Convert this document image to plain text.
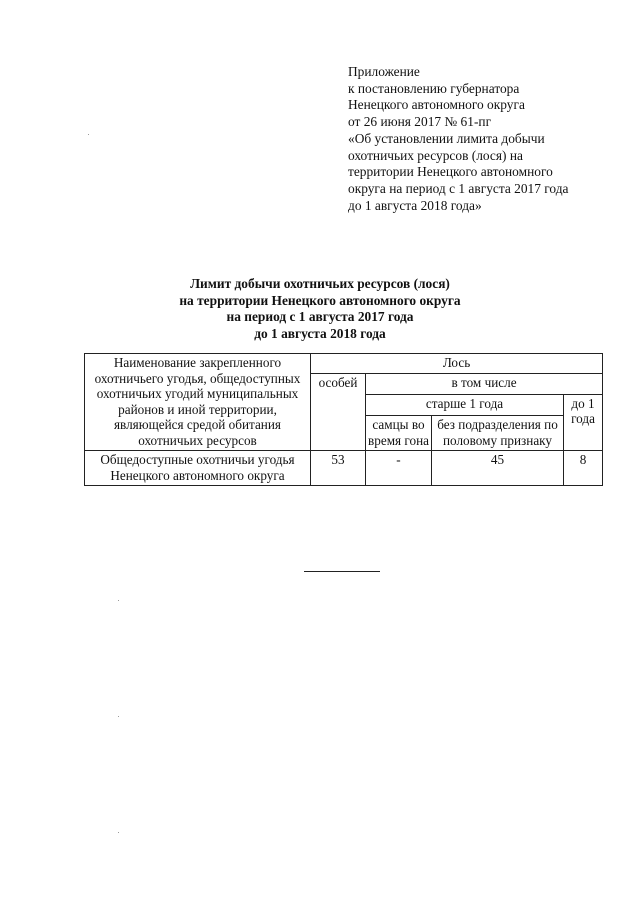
Приложение
к постановлению губернатора
Ненецкого автономного округа
от 26 июня 2017 № 61-пг
«Об установлении лимита добычи
охотничьих ресурсов (лося) на
территории Ненецкого автономного
округа на период с 1 августа 2017 года
до 1 августа 2018 года»
Лимит добычи охотничьих ресурсов (лося)
на территории Ненецкого автономного округа
на период с 1 августа 2017 года
до 1 августа 2018 года
Наименование закрепленного охотничьего угодья, общедоступных охотничьих угодий муниципальных районов и иной территории, являющейся средой обитания охотничьих ресурсов	Лось			
	особей	в том числе		
		старше 1 года		до 1 года
		самцы во время гона	без подразделения по половому признаку	
Общедоступные охотничьи угодья Ненецкого автономного округа	53	-	45	8
